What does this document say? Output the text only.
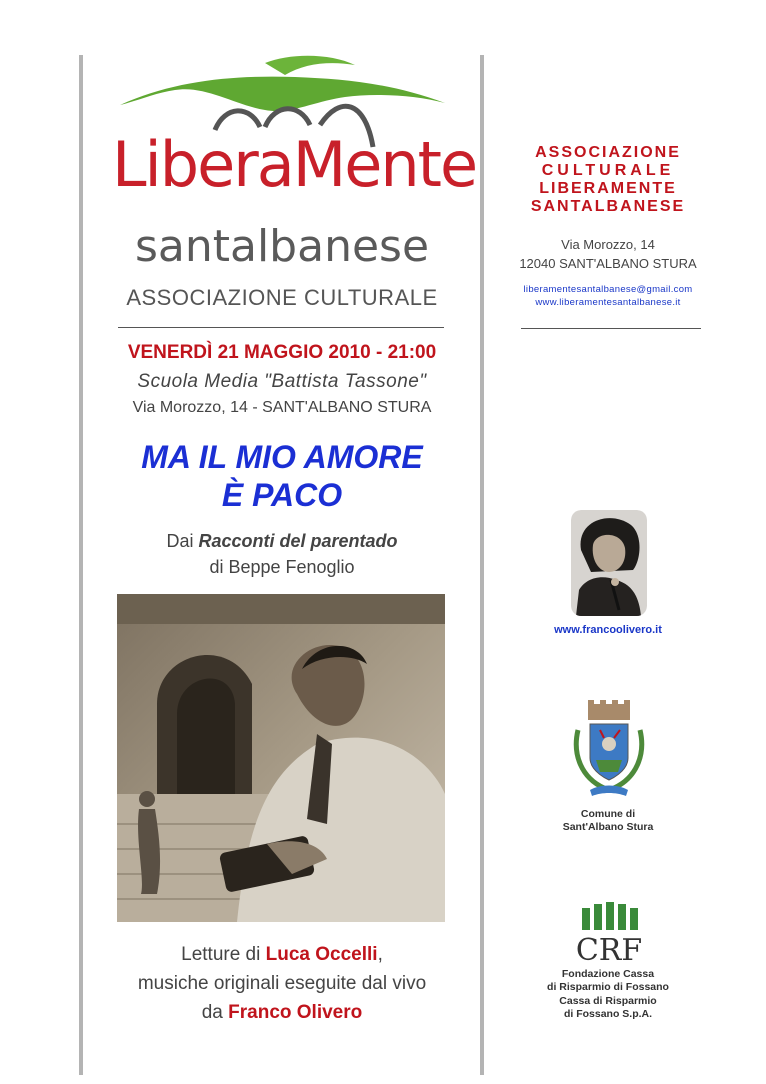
LiberaMente
santalbanese
ASSOCIAZIONE CULTURALE
VENERDÌ 21 MAGGIO 2010 - 21:00
Scuola Media "Battista Tassone"
Via Morozzo, 14 - SANT'ALBANO STURA
MA IL MIO AMORE
È PACO
Dai Racconti del parentado
di Beppe Fenoglio
Letture di Luca Occelli,
musiche originali eseguite dal vivo
da Franco Olivero
ASSOCIAZIONE
CULTURALE
LIBERAMENTE
SANTALBANESE
Via Morozzo, 14
12040 SANT'ALBANO STURA
liberamentesantalbanese@gmail.com
www.liberamentesantalbanese.it
www.francoolivero.it
Comune di
Sant'Albano Stura
CRF
Fondazione Cassa
di Risparmio di Fossano
Cassa di Risparmio
di Fossano S.p.A.
